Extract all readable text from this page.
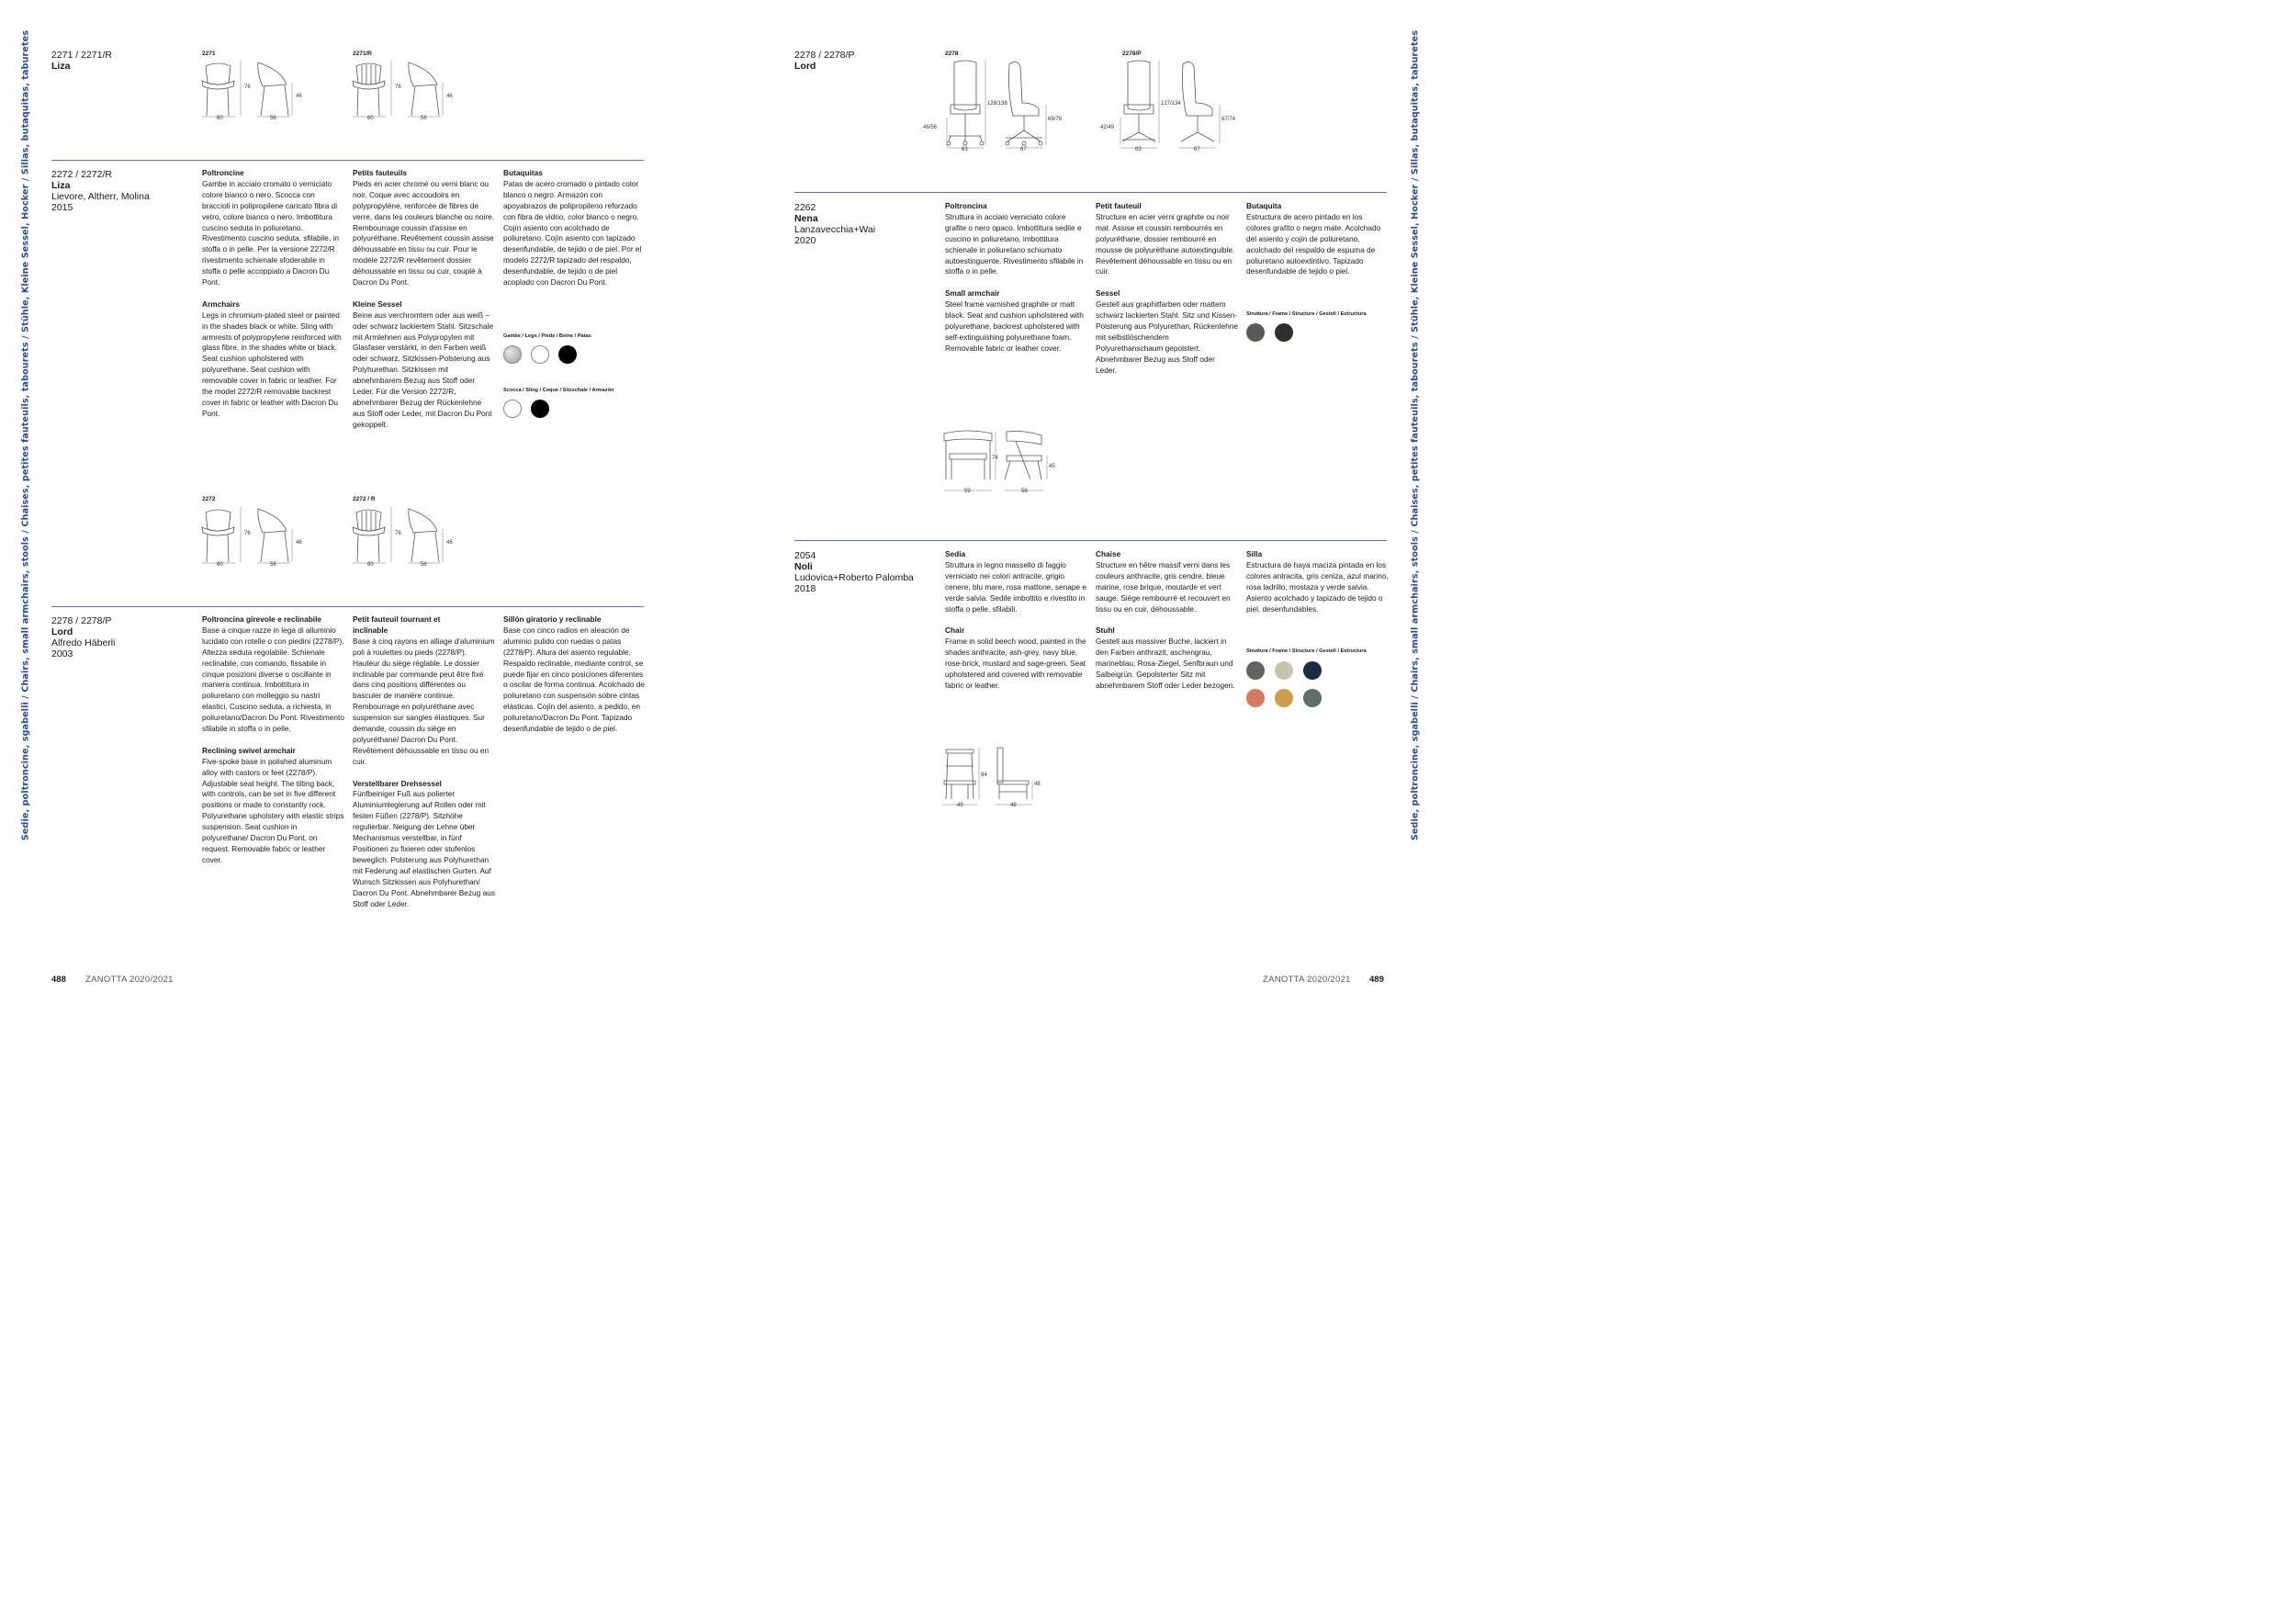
Sedie, poltroncine, sgabelli / Chairs, small armchairs, stools / Chaises, petites fauteuils, tabourets / Stühle, Kleine Sessel, Hocker / Sillas, butaquitas, taburetes	Sedie, poltroncine, sgabelli / Chairs, small armchairs, stools / Chaises, petites fauteuils, tabourets / Stühle, Kleine Sessel, Hocker / Sillas, butaquitas, taburetes
2271 / 2271/R
Liza
2271	2271/R
76
46
60	56
76
46
60	56
2272 / 2272/R
Liza
Lievore, Altherr, Molina
2015
Poltroncine

Gambe in acciaio cromato o verniciato colore bianco o nero. Scocca con braccioli in polipropilene caricato fibra di vetro, colore bianco o nero. Imbottitura cuscino seduta in poliuretano. Rivestimento cuscino seduta, sfilabile, in stoffa o in pelle. Per la versione 2272/R rivestimento schienale sfoderabile in stoffa o pelle accoppiato a Dacron Du Pont.

Armchairs

Legs in chromium-plated steel or painted in the shades black or white. Sling with armrests of polypropylene reinforced with glass fibre, in the shades white or black. Seat cushion upholstered with polyurethane. Seat cushion with removable cover in fabric or leather. For the model 2272/R removable backrest cover in fabric or leather with Dacron Du Pont.

Petits fauteuils

Pieds en acier chromé ou verni blanc ou noir. Coque avec accoudoirs en polypropylène, renforcée de fibres de verre, dans les couleurs blanche ou noire. Rembourrage coussin d'assise en polyuréthane. Revêtement coussin assise déhoussable en tissu ou cuir. Pour le modèle 2272/R revêtement dossier déhoussable en tissu ou cuir, couplé à Dacron Du Pont.

Kleine Sessel

Beine aus verchromtem oder aus weiß – oder schwarz lackiertem Stahl. Sitzschale mit Armlehnen aus Polypropylen mit Glasfaser verstärkt, in den Farben weiß oder schwarz. Sitzkissen-Polsterung aus Polyhurethan. Sitzkissen mit abnehmbarem Bezug aus Stoff oder Leder. Für die Version 2272/R, abnehmbarer Bezug der Rückenlehne aus Stoff oder Leder, mit Dacron Du Pont gekoppelt.

Butaquitas

Patas de acero cromado o pintado color blanco o negro. Armazón con apoyabrazos de polipropileno reforzado con fibra de vidrio, color blanco o negro. Cojín asiento con acolchado de poliuretano. Cojín asiento con tapizado desenfundable, de tejido o de piel. Por el modelo 2272/R tapizado del respaldo, desenfundable, de tejido o de piel acoplado con Dacron Du Pont.

Gambe / Legs / Pieds / Beine / Patas
Scocca / Sling / Coque / Sitzschale / Armazón
2272	2272 / R
76
46
60	56
76
46
60	56
2278 / 2278/P
Lord
Alfredo Häberli
2003
Poltroncina girevole e reclinabile

Base a cinque razze in lega di alluminio lucidato con rotelle o con piedini (2278/P). Altezza seduta regolabile. Schienale reclinabile, con comando, fissabile in cinque posizioni diverse o oscillante in maniera continua. Imbottitura in poliuretano con molleggio su nastri elastici. Cuscino seduta, a richiesta, in poliuretano/Dacron Du Pont. Rivestimento sfilabile in stoffa o in pelle.

Reclining swivel armchair

Five-spoke base in polished aluminum alloy with castors or feet (2278/P). Adjustable seat height. The tilting back, with controls, can be set in five different positions or made to constantly rock. Polyurethane upholstery with elastic strips suspension. Seat cushion in polyurethane/ Dacron Du Pont, on request. Removable fabric or leather cover.

Petit fauteuil tournant et inclinable

Base à cinq rayons en alliage d'aluminium poli à roulettes ou pieds (2278/P). Hauteur du siège réglable. Le dossier inclinable par commande peut être fixé dans cinq positions différentes ou basculer de manière continue. Rembourrage en polyuréthane avec suspension sur sangles élastiques. Sur demande, coussin du siège en polyuréthane/ Dacron Du Pont. Revêtement déhoussable en tissu ou en cuir.

Verstellbarer Drehsessel

Fünfbeiniger Fuß aus polierter Aluminiumlegierung auf Rollen oder mit festen Füßen (2278/P). Sitzhöhe regulierbar. Neigung der Lehne über Mechanismus verstellbar, in fünf Positionen zu fixieren oder stufenlos beweglich. Polsterung aus Polyhurethan mit Federung auf elastischen Gurten. Auf Wunsch Sitzkissen aus Polyhurethan/ Dacron Du Pont. Abnehmbarer Bezug aus Stoff oder Leder.

Sillón giratorio y reclinable

Base con cinco radios en aleación de aluminio pulido con ruedas o patas (2278/P). Altura del asiento regulable. Respaldo reclinable, mediante control, se puede fijar en cinco posiciones diferentes o oscilar de forma continua. Acolchado de poliuretano con suspensión sobre cintas elásticas. Cojín del asiento, a pedido, en poliuretano/Dacron Du Pont. Tapizado desenfundable de tejido o de piel.

488 ZANOTTA 2020/2021
2278 / 2278/P
Lord
2278	2278/P
46/56
128/138
69/79
63	67
42/49
127/134
67/74
63	67
2262
Nena
Lanzavecchia+Wai
2020
Poltroncina

Struttura in acciaio verniciato colore grafite o nero opaco. Imbottitura sedile e cuscino in poliuretano, imbottitura schienale in poliuretano schiumato autoestinguente. Rivestimento sfilabile in stoffa o in pelle.

Small armchair

Steel frame varnished graphite or matt black. Seat and cushion upholstered with polyurethane, backrest upholstered with self-extinguishing polyurethane foam. Removable fabric or leather cover.

Petit fauteuil

Structure en acier verni graphite ou noir mat. Assise et coussin rembourrés en polyuréthane, dossier rembourré en mousse de polyuréthane autoextinguible. Revêtement déhoussable en tissu ou en cuir.

Sessel

Gestell aus graphitfarben oder mattem schwarz lackierten Stahl. Sitz und Kissen-Polsterung aus Polyurethan, Rückenlehne mit selbstlöschendem Polyurethanschaum gepolstert. Abnehmbarer Bezug aus Stoff oder Leder.

Butaquita

Estructura de acero pintado en los colores grafito o negro mate. Acolchado del asiento y cojín de poliuretano, acolchado del respaldo de espuma de poliuretano autoextintivo. Tapizado desenfundable de tejido o piel.

Struttura / Frame / Structure / Gestell / Estructura
74
45
59	56
2054
Noli
Ludovica+Roberto Palomba
2018
Sedia

Struttura in legno massello di faggio verniciato nei colori antracite, grigio cenere, blu mare, rosa mattone, senape e verde salvia. Sedile imbottito e rivestito in stoffa o pelle, sfilabili.

Chair

Frame in solid beech wood, painted in the shades anthracite, ash-grey, navy blue, rose-brick, mustard and sage-green. Seat upholstered and covered with removable fabric or leather.

Chaise

Structure en hêtre massif verni dans les couleurs anthracite, gris cendre, bleue marine, rose brique, moutarde et vert sauge. Siège rembourré et recouvert en tissu ou en cuir, déhoussable.

Stuhl

Gestell aus massiver Buche, lackiert in den Farben anthrazit, aschengrau, marineblau, Rosa-Ziegel, Senfbraun und Salbeigrün. Gepolsterter Sitz mit abnehmbarem Stoff oder Leder bezogen.

Silla

Estructura de haya maciza pintada en los colores antracita, gris ceniza, azul marino, rosa ladrillo, mostaza y verde salvia. Asiento acolchado y tapizado de tejido o piel, desenfundables.

Struttura / Frame / Structure / Gestell / Estructura
84
48
49	48
ZANOTTA 2020/2021 489
